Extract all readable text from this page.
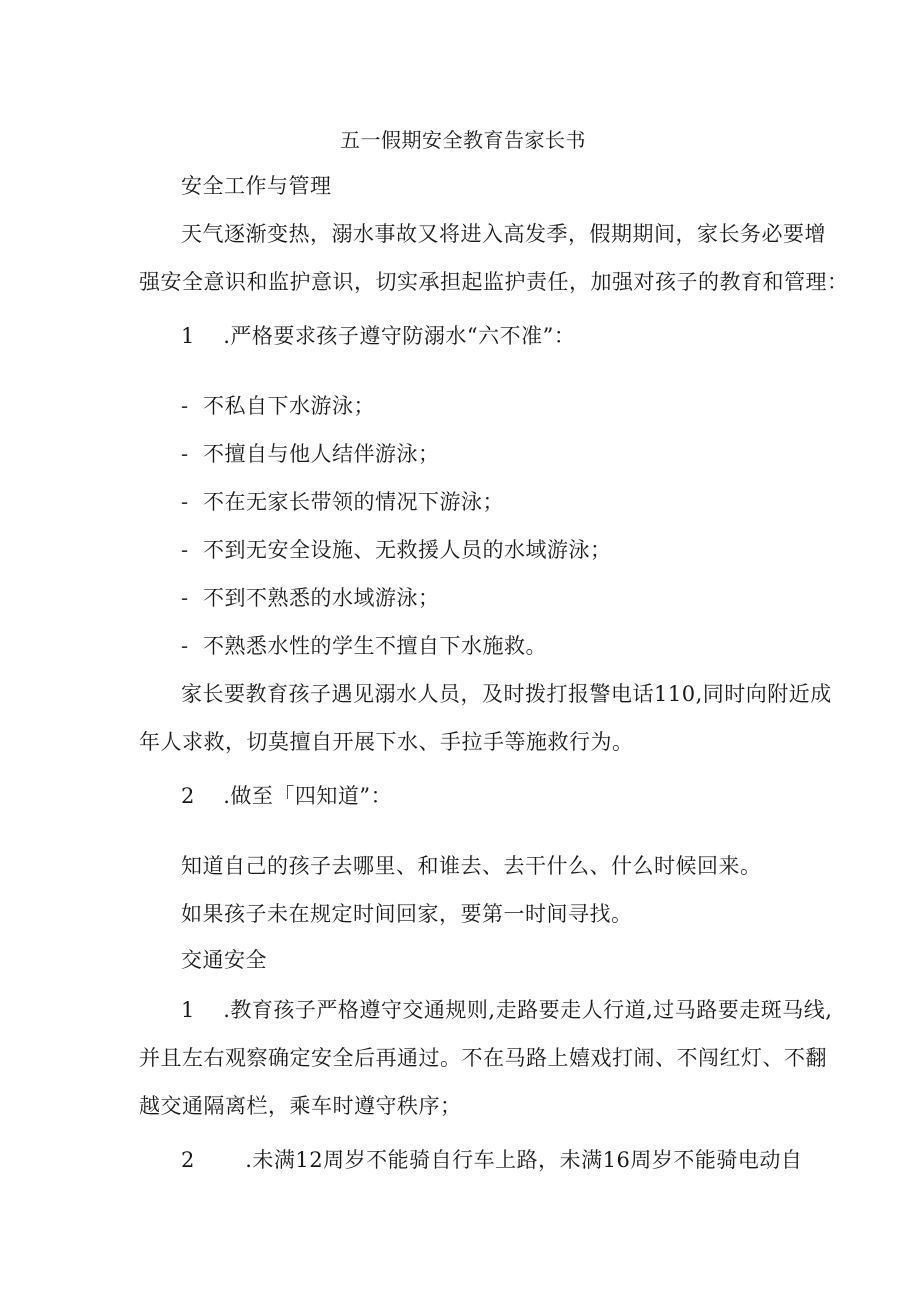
五一假期安全教育告家长书
安全工作与管理
天气逐渐变热，溺水事故又将进入高发季，假期期间，家长务必要增
强安全意识和监护意识，切实承担起监护责任，加强对孩子的教育和管理：
1 .严格要求孩子遵守防溺水“六不准”：
- 不私自下水游泳；
- 不擅自与他人结伴游泳；
- 不在无家长带领的情况下游泳；
- 不到无安全设施、无救援人员的水域游泳；
- 不到不熟悉的水域游泳；
- 不熟悉水性的学生不擅自下水施救。
家长要教育孩子遇见溺水人员，及时拨打报警电话110,同时向附近成
年人求救，切莫擅自开展下水、手拉手等施救行为。
2 .做至「四知道”：
知道自己的孩子去哪里、和谁去、去干什么、什么时候回来。
如果孩子未在规定时间回家，要第一时间寻找。
交通安全
1 .教育孩子严格遵守交通规则,走路要走人行道,过马路要走斑马线,
并且左右观察确定安全后再通过。不在马路上嬉戏打闹、不闯红灯、不翻
越交通隔离栏，乘车时遵守秩序；
2 .未满12周岁不能骑自行车上路，未满16周岁不能骑电动自
